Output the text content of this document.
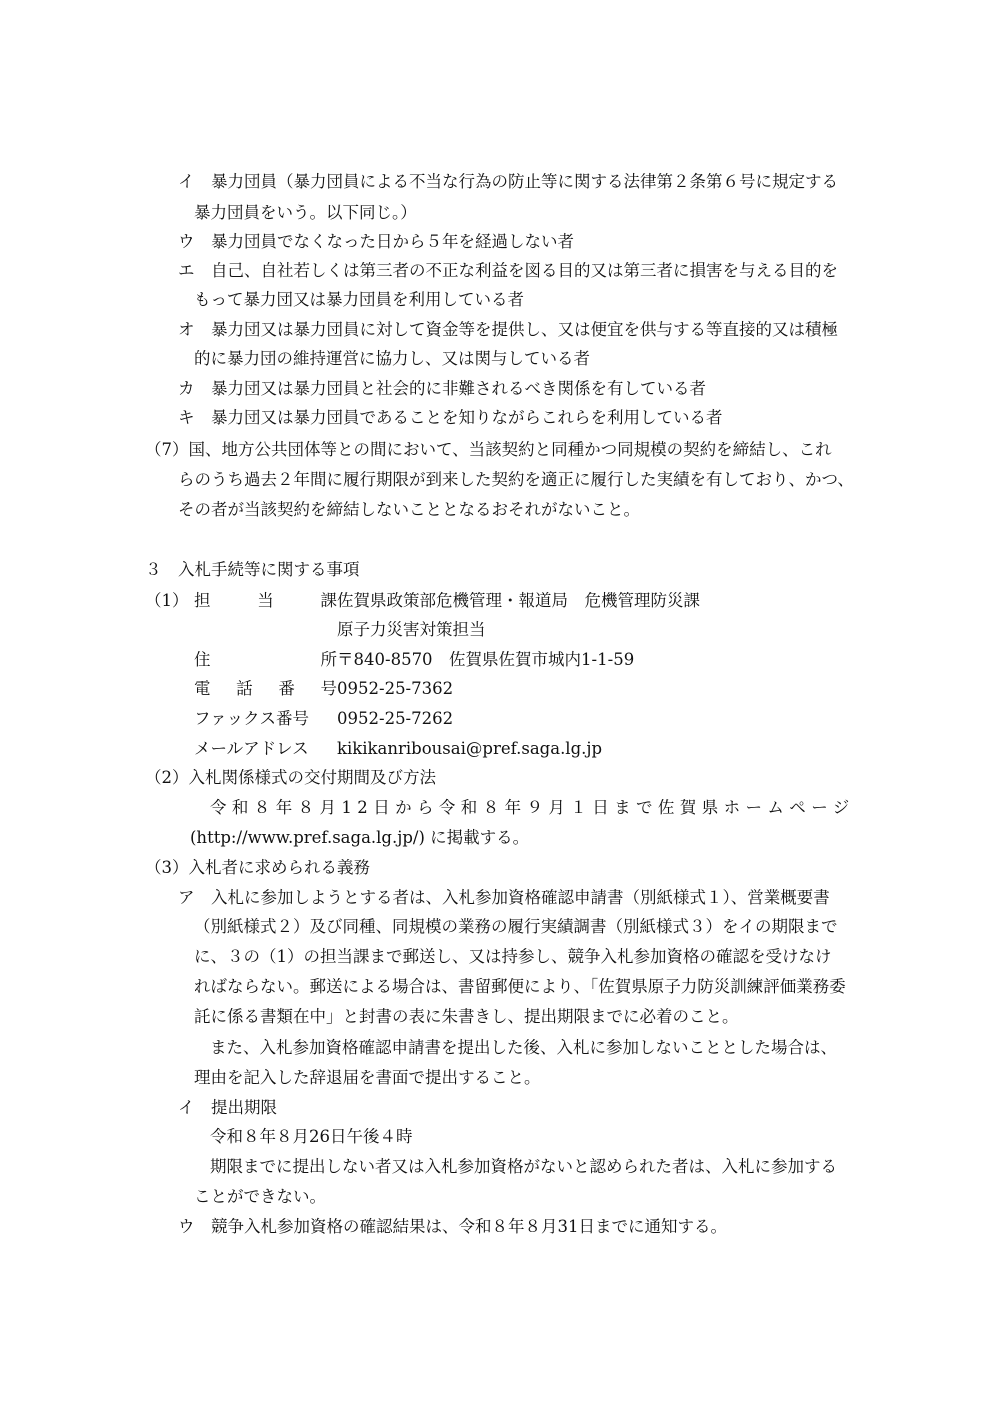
イ　暴力団員（暴力団員による不当な行為の防止等に関する法律第２条第６号に規定する
暴力団員をいう。以下同じ。）
ウ　暴力団員でなくなった日から５年を経過しない者
エ　自己、自社若しくは第三者の不正な利益を図る目的又は第三者に損害を与える目的を
もって暴力団又は暴力団員を利用している者
オ　暴力団又は暴力団員に対して資金等を提供し、又は便宜を供与する等直接的又は積極
的に暴力団の維持運営に協力し、又は関与している者
カ　暴力団又は暴力団員と社会的に非難されるべき関係を有している者
キ　暴力団又は暴力団員であることを知りながらこれらを利用している者
（7）国、地方公共団体等との間において、当該契約と同種かつ同規模の契約を締結し、これ
らのうち過去２年間に履行期限が到来した契約を適正に履行した実績を有しており、かつ、
その者が当該契約を締結しないこととなるおそれがないこと。
３　入札手続等に関する事項
（1） 担	当	課 佐賀県政策部危機管理・報道局　危機管理防災課
原子力災害対策担当
住	所 〒840-8570　佐賀県佐賀市城内1-1-59
電 話 番 号 0952-25-7362
ファックス番号	0952-25-7262
メールアドレス	kikikanribousai@pref.saga.lg.jp
（2）入札関係様式の交付期間及び方法
令和８年８月12日から令和８年９月１日まで佐賀県ホームページ
(http://www.pref.saga.lg.jp/) に掲載する。
（3）入札者に求められる義務
ア　入札に参加しようとする者は、入札参加資格確認申請書（別紙様式１）、営業概要書
（別紙様式２）及び同種、同規模の業務の履行実績調書（別紙様式３）をイの期限まで
に、３の（1）の担当課まで郵送し、又は持参し、競争入札参加資格の確認を受けなけ
ればならない。郵送による場合は、書留郵便により、「佐賀県原子力防災訓練評価業務委
託に係る書類在中」と封書の表に朱書きし、提出期限までに必着のこと。
また、入札参加資格確認申請書を提出した後、入札に参加しないこととした場合は、
理由を記入した辞退届を書面で提出すること。
イ　提出期限
令和８年８月26日午後４時
期限までに提出しない者又は入札参加資格がないと認められた者は、入札に参加する
ことができない。
ウ　競争入札参加資格の確認結果は、令和８年８月31日までに通知する。
